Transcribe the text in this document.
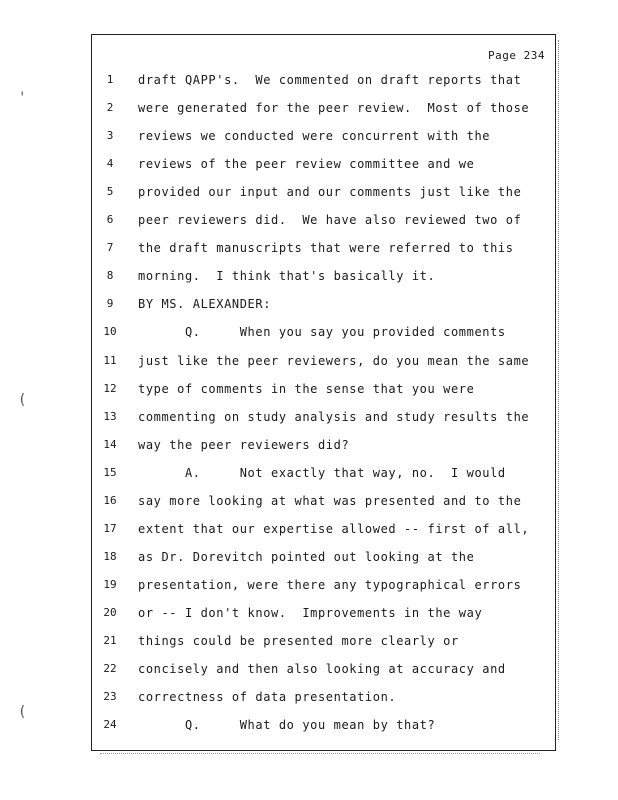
'
(
(
Page 234
1	draft QAPP's.  We commented on draft reports that
2	were generated for the peer review.  Most of those
3	reviews we conducted were concurrent with the
4	reviews of the peer review committee and we
5	provided our input and our comments just like the
6	peer reviewers did.  We have also reviewed two of
7	the draft manuscripts that were referred to this
8	morning.  I think that's basically it.
9	BY MS. ALEXANDER:
10	Q.     When you say you provided comments
11	just like the peer reviewers, do you mean the same
12	type of comments in the sense that you were
13	commenting on study analysis and study results the
14	way the peer reviewers did?
15	A.     Not exactly that way, no.  I would
16	say more looking at what was presented and to the
17	extent that our expertise allowed -- first of all,
18	as Dr. Dorevitch pointed out looking at the
19	presentation, were there any typographical errors
20	or -- I don't know.  Improvements in the way
21	things could be presented more clearly or
22	concisely and then also looking at accuracy and
23	correctness of data presentation.
24	Q.     What do you mean by that?
